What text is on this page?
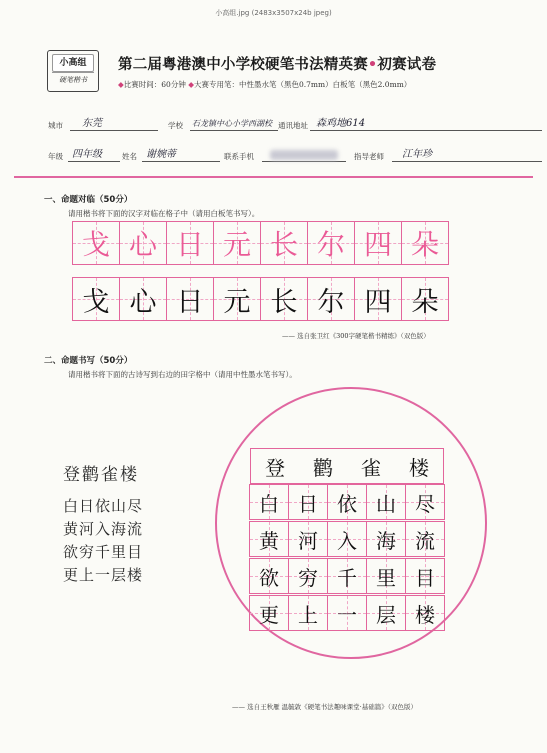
小高组.jpg (2483x3507x24b jpeg)
小高组
硬笔楷书
第二届粤港澳中小学校硬笔书法精英赛•初赛试卷
◆比赛时间：60分钟 ◆大赛专用笔：中性墨水笔（黑色0.7mm）白板笔（黑色2.0mm）
城市 东莞	学校 石龙镇中心小学西湖校 通讯地址 森鸡地614
年级 四年级	姓名 谢婉蒂	联系手机	指导老师 江年珍
一、命题对临（50分）
请用楷书将下面的汉字对临在格子中（请用白板笔书写）。
戈 心 日 元 长 尔 四 朵
戈 心 日 元 长 尔 四 朵
—— 选自张卫红《300字硬笔楷书精练》（双色版）
二、命题书写（50分）
请用楷书将下面的古诗写到右边的田字格中（请用中性墨水笔书写）。
登鹳雀楼
白日依山尽
黄河入海流
欲穷千里目
更上一层楼
登 鹳 雀 楼
白 日 依 山 尽
黄 河 入 海 流
欲 穷 千 里 目
更 上 一 层 楼
—— 选自王秋雁 温毓敦《硬笔书法趣味课堂·基础篇》（双色版）
